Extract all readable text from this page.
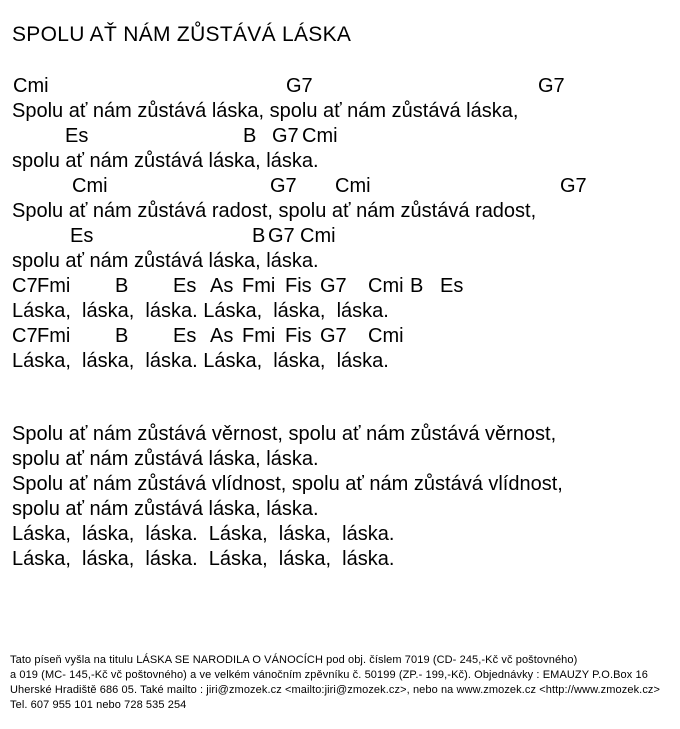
SPOLU AŤ NÁM ZŮSTÁVÁ LÁSKA
Cmi	G7	G7
Spolu ať nám zůstává láska, spolu ať nám zůstává láska,
Es	B G7 Cmi
spolu ať nám zůstává láska, láska.
Cmi	G7 Cmi	G7
Spolu ať nám zůstává radost, spolu ať nám zůstává radost,
Es	B G7 Cmi
spolu ať nám zůstává láska, láska.
C7 Fmi B Es As Fmi Fis G7 Cmi B Es
Láska,  láska,  láska. Láska,  láska,  láska.
C7 Fmi B Es As Fmi Fis G7 Cmi
Láska,  láska,  láska. Láska,  láska,  láska.
Spolu ať nám zůstává věrnost, spolu ať nám zůstává věrnost,
spolu ať nám zůstává láska, láska.
Spolu ať nám zůstává vlídnost, spolu ať nám zůstává vlídnost,
spolu ať nám zůstává láska, láska.
Láska,  láska,  láska.  Láska,  láska,  láska.
Láska,  láska,  láska.  Láska,  láska,  láska.
Tato píseň vyšla na titulu LÁSKA SE NARODILA O VÁNOCÍCH pod obj. číslem 7019 (CD- 245,-Kč vč poštovného)
a 019 (MC- 145,-Kč vč poštovného) a ve velkém vánočním zpěvníku č. 50199 (ZP.- 199,-Kč). Objednávky : EMAUZY P.O.Box 16
Uherské Hradiště 686 05. Také mailto : jiri@zmozek.cz <mailto:jiri@zmozek.cz>, nebo na www.zmozek.cz <http://www.zmozek.cz>
Tel. 607 955 101 nebo 728 535 254
